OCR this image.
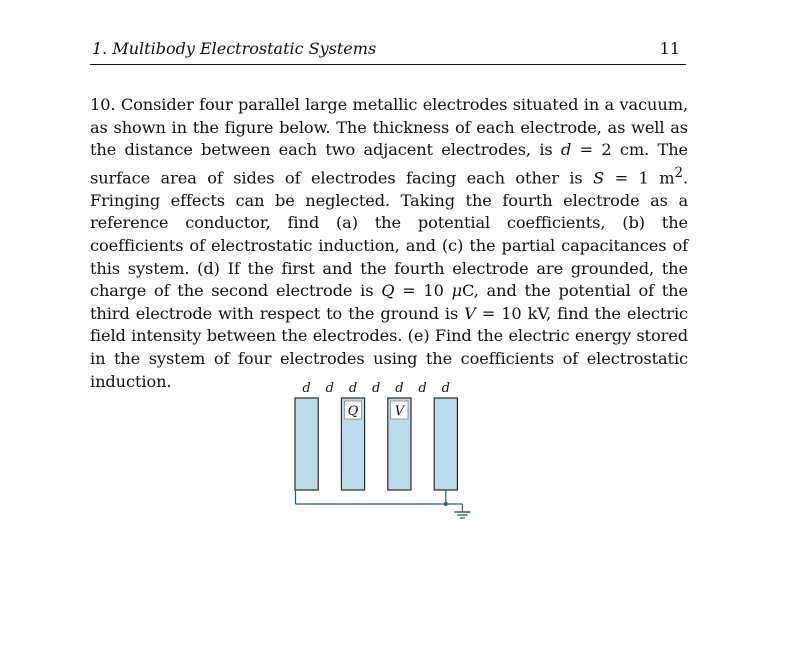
1. Multibody Electrostatic Systems	11
10. Consider four parallel large metallic electrodes situated in a vacuum, as shown in the figure below. The thickness of each electrode, as well as the distance between each two adjacent electrodes, is d = 2 cm. The surface area of sides of electrodes facing each other is S = 1 $m^2$. Fringing effects can be neglected. Taking the fourth electrode as a reference conductor, find (a) the potential coefficients, (b) the coefficients of electrostatic induction, and (c) the partial capacitances of this system. (d) If the first and the fourth electrode are grounded, the charge of the second electrode is Q = 10 μC, and the potential of the third electrode with respect to the ground is V = 10 kV, find the electric field intensity between the electrodes. (e) Find the electric energy stored in the system of four electrodes using the coefficients of electrostatic induction.	d d d d d d d
Q	V
